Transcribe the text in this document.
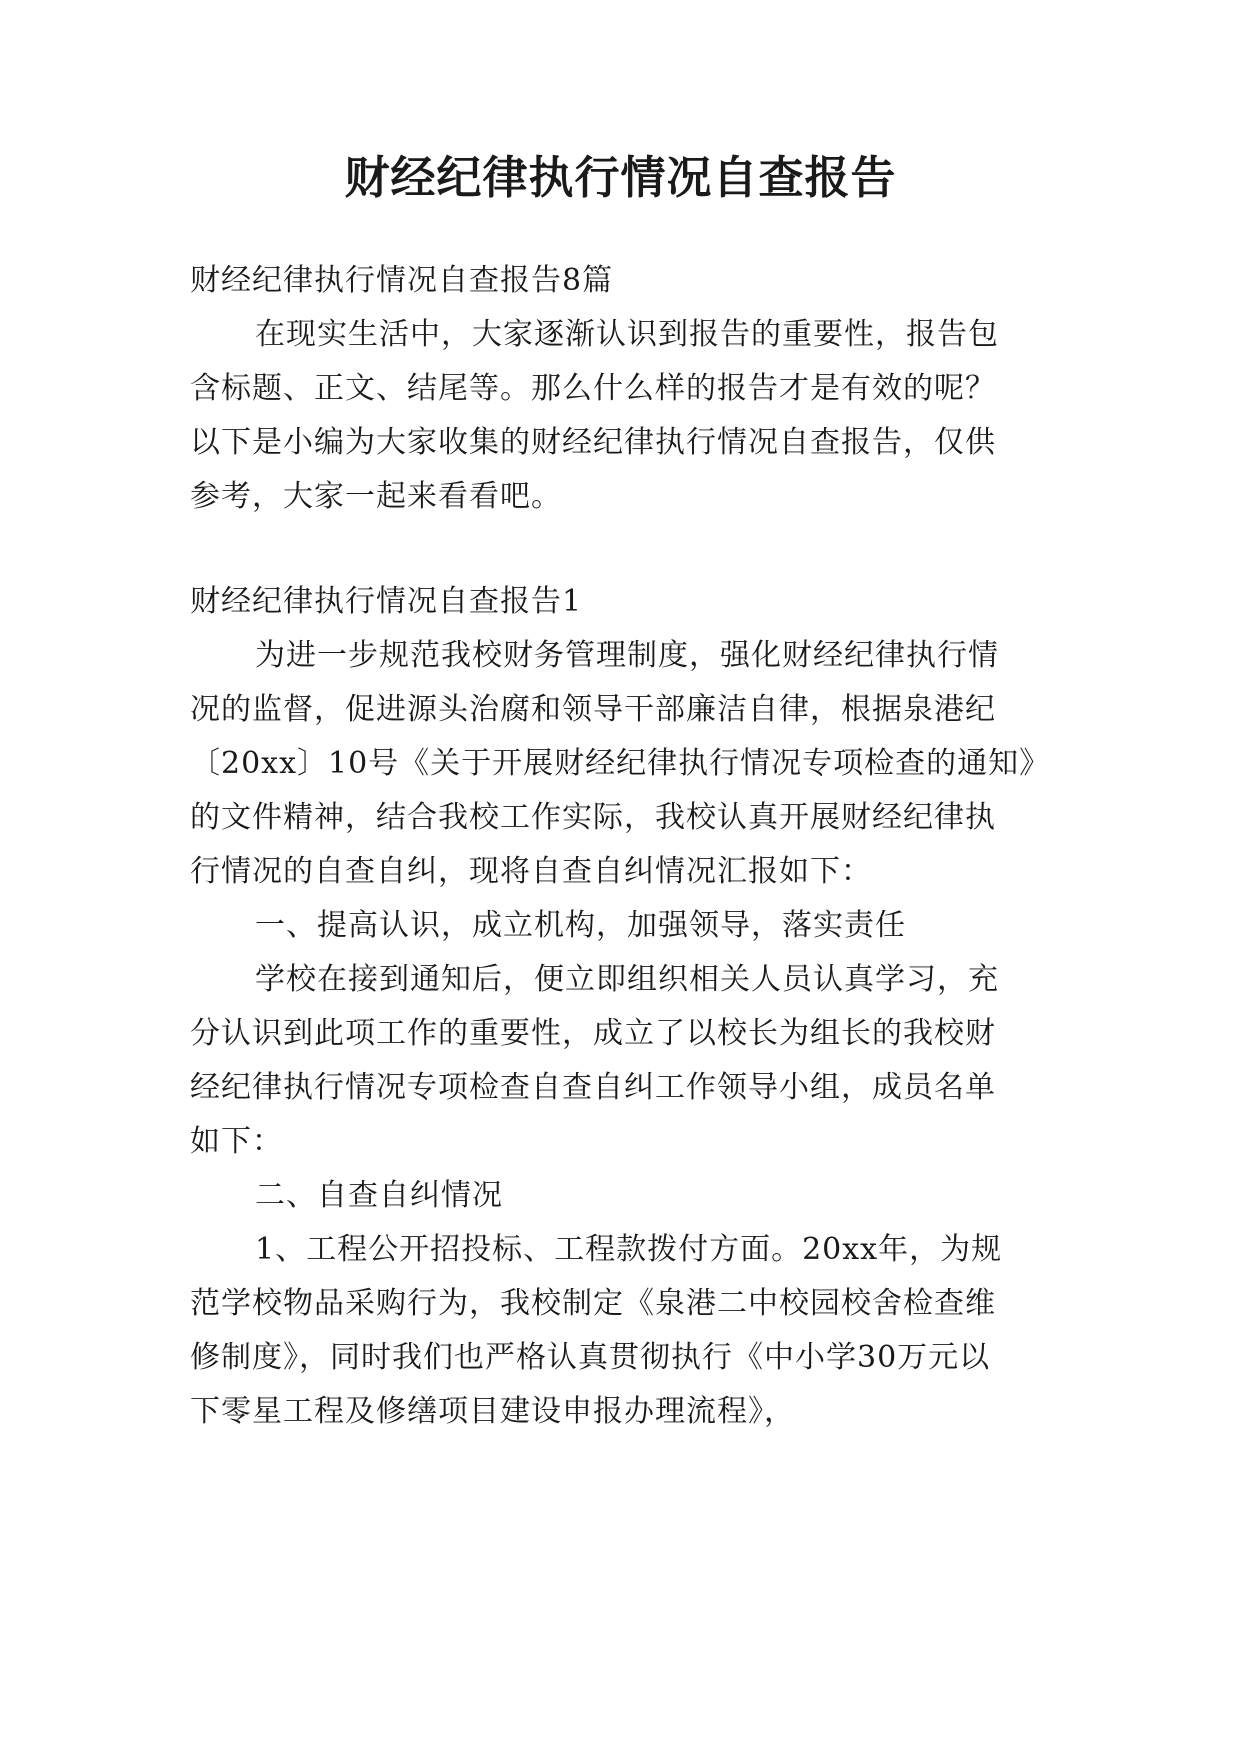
财经纪律执行情况自查报告

财经纪律执行情况自查报告8篇

在现实生活中，大家逐渐认识到报告的重要性，报告包

含标题、正文、结尾等。那么什么样的报告才是有效的呢？

以下是小编为大家收集的财经纪律执行情况自查报告，仅供

参考，大家一起来看看吧。

财经纪律执行情况自查报告1

为进一步规范我校财务管理制度，强化财经纪律执行情

况的监督，促进源头治腐和领导干部廉洁自律，根据泉港纪

〔20xx〕10号《关于开展财经纪律执行情况专项检查的通知》

的文件精神，结合我校工作实际，我校认真开展财经纪律执

行情况的自查自纠，现将自查自纠情况汇报如下：

一、提高认识，成立机构，加强领导，落实责任

学校在接到通知后，便立即组织相关人员认真学习，充

分认识到此项工作的重要性，成立了以校长为组长的我校财

经纪律执行情况专项检查自查自纠工作领导小组，成员名单

如下：

二、自查自纠情况

1、工程公开招投标、工程款拨付方面。20xx年，为规

范学校物品采购行为，我校制定《泉港二中校园校舍检查维

修制度》，同时我们也严格认真贯彻执行《中小学30万元以

下零星工程及修缮项目建设申报办理流程》，
